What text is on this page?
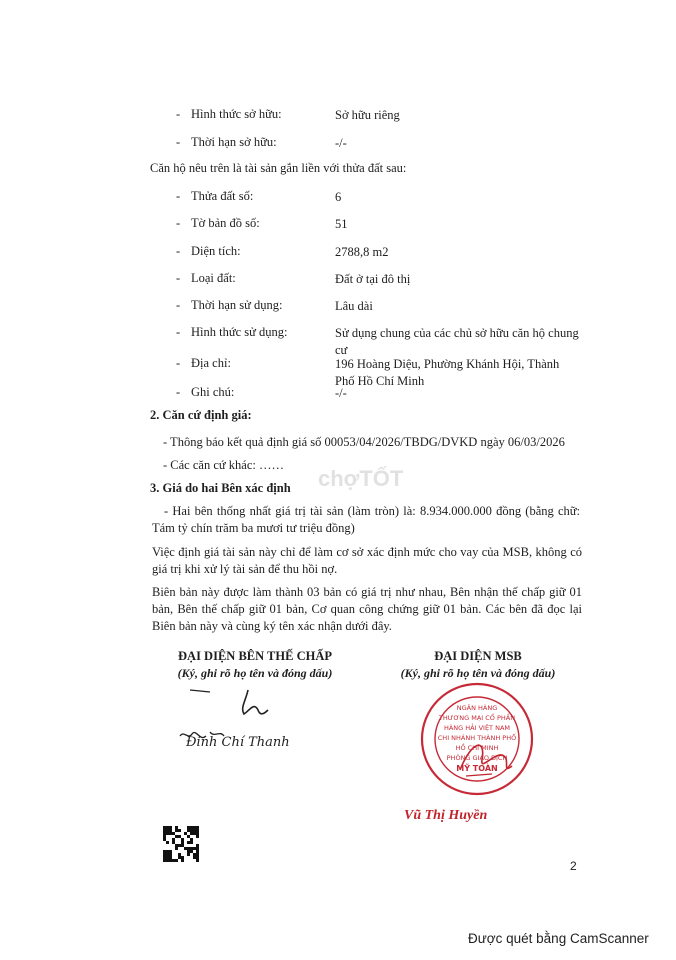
- Hình thức sở hữu:	Sở hữu riêng
- Thời hạn sở hữu:	-/-
Căn hộ nêu trên là tài sản gắn liền với thửa đất sau:
- Thửa đất số:	6
- Tờ bản đồ số:	51
- Diện tích:	2788,8 m2
- Loại đất:	Đất ở tại đô thị
- Thời hạn sử dụng:	Lâu dài
- Hình thức sử dụng:	Sử dụng chung của các chủ sở hữu căn hộ chung cư
- Địa chỉ:	196 Hoàng Diệu, Phường Khánh Hội, Thành Phố Hồ Chí Minh
- Ghi chú:	-/-
2. Căn cứ định giá:
- Thông báo kết quả định giá số 00053/04/2026/TBDG/DVKD ngày 06/03/2026
- Các căn cứ khác: ……
chợTỐT
3. Giá do hai Bên xác định
- Hai bên thống nhất giá trị tài sản (làm tròn) là: 8.934.000.000 đồng (bằng chữ: Tám tỷ chín trăm ba mươi tư triệu đồng)
Việc định giá tài sản này chỉ để làm cơ sở xác định mức cho vay của MSB, không có giá trị khi xử lý tài sản để thu hồi nợ.
Biên bản này được làm thành 03 bản có giá trị như nhau, Bên nhận thế chấp giữ 01 bản, Bên thế chấp giữ 01 bản, Cơ quan công chứng giữ 01 bản. Các bên đã đọc lại Biên bản này và cùng ký tên xác nhận dưới đây.
ĐẠI DIỆN BÊN THẾ CHẤP
(Ký, ghi rõ họ tên và đóng dấu)
ĐẠI DIỆN MSB
(Ký, ghi rõ họ tên và đóng dấu)
Đinh Chí Thanh
NGÂN HÀNG
THƯƠNG MẠI CỔ PHẦN
HÀNG HẢI VIỆT NAM
CHI NHÁNH THÀNH PHỐ
HỒ CHÍ MINH
PHÒNG GIAO DỊCH
MỸ TOÀN
Vũ Thị Huyền
2
Được quét bằng CamScanner
